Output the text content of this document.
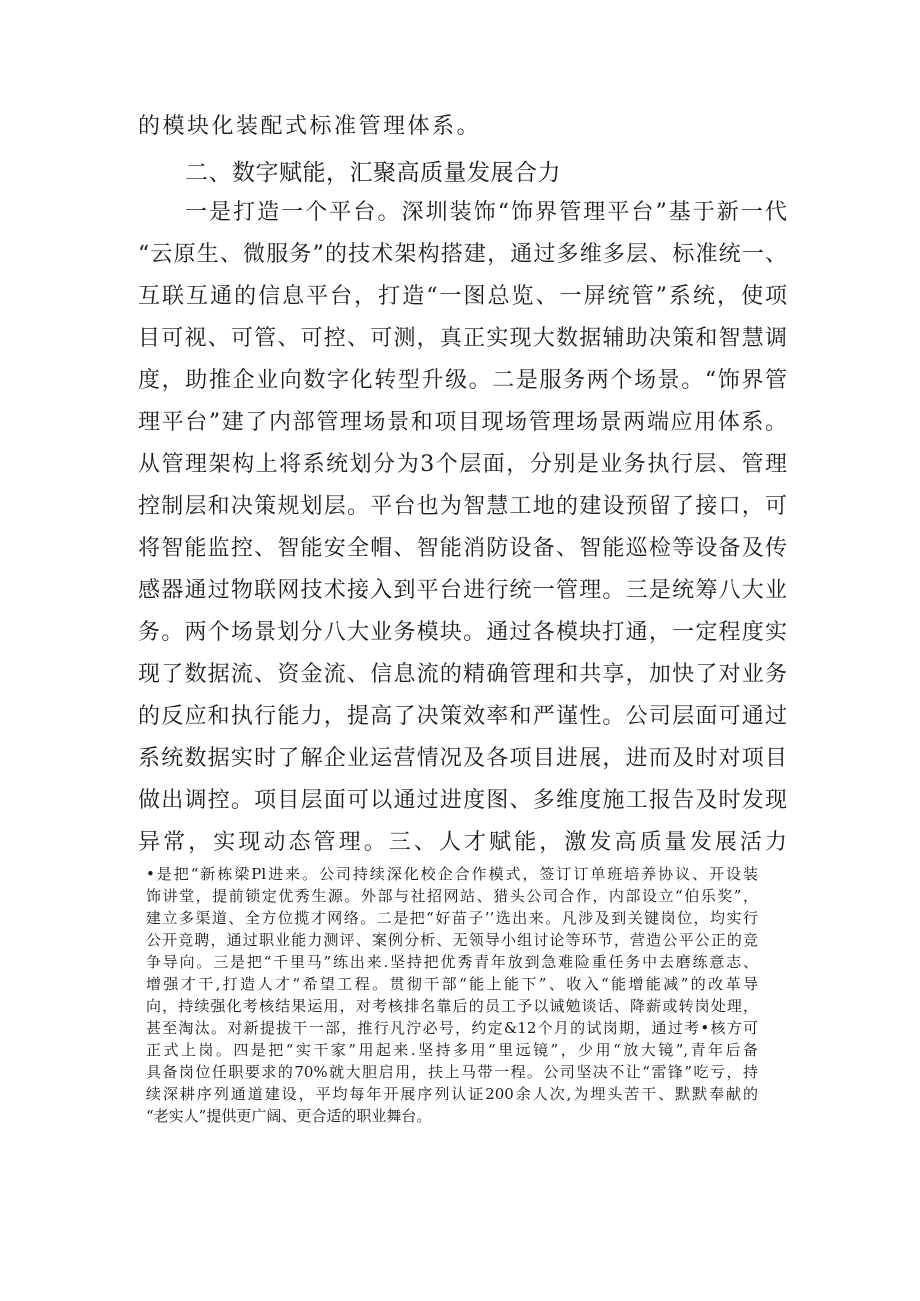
的模块化装配式标准管理体系。

二、数字赋能，汇聚高质量发展合力

一是打造一个平台。深圳装饰“饰界管理平台”基于新一代

“云原生、微服务”的技术架构搭建，通过多维多层、标准统一、

互联互通的信息平台，打造“一图总览、一屏统管”系统，使项

目可视、可管、可控、可测，真正实现大数据辅助决策和智慧调

度，助推企业向数字化转型升级。二是服务两个场景。“饰界管

理平台”建了内部管理场景和项目现场管理场景两端应用体系。

从管理架构上将系统划分为3个层面，分别是业务执行层、管理

控制层和决策规划层。平台也为智慧工地的建设预留了接口，可

将智能监控、智能安全帽、智能消防设备、智能巡检等设备及传

感器通过物联网技术接入到平台进行统一管理。三是统筹八大业

务。两个场景划分八大业务模块。通过各模块打通，一定程度实

现了数据流、资金流、信息流的精确管理和共享，加快了对业务

的反应和执行能力，提高了决策效率和严谨性。公司层面可通过

系统数据实时了解企业运营情况及各项目进展，进而及时对项目

做出调控。项目层面可以通过进度图、多维度施工报告及时发现

异常，实现动态管理。三、人才赋能，激发高质量发展活力

•是把“新栋梁Pl进来。公司持续深化校企合作模式，签订订单班培养协议、开设装

饰讲堂，提前锁定优秀生源。外部与社招网站、猎头公司合作，内部设立“伯乐奖”，

建立多渠道、全方位揽才网络。二是把“好苗子’’选出来。凡涉及到关键岗位，均实行

公开竞聘，通过职业能力测评、案例分析、无领导小组讨论等环节，营造公平公正的竞

争导向。三是把“千里马”练出来.坚持把优秀青年放到急难险重任务中去磨练意志、

增强才干,打造人才“希望工程。贯彻干部“能上能下”、收入“能增能减”的改革导

向，持续强化考核结果运用，对考核排名靠后的员工予以诫勉谈话、降薪或转岗处理，

甚至淘汰。对新提拔干一部，推行凡泞必号，约定&12个月的试岗期，通过考•核方可

正式上岗。四是把“实干家”用起来.坚持多用“里远镜”，少用“放大镜”,青年后备

具备岗位任职要求的70%就大胆启用，扶上马带一程。公司坚决不让“雷锋”吃亏，持

续深耕序列通道建设，平均每年开展序列认证200余人次,为埋头苦干、默默奉献的

“老实人”提供更广阔、更合适的职业舞台。
